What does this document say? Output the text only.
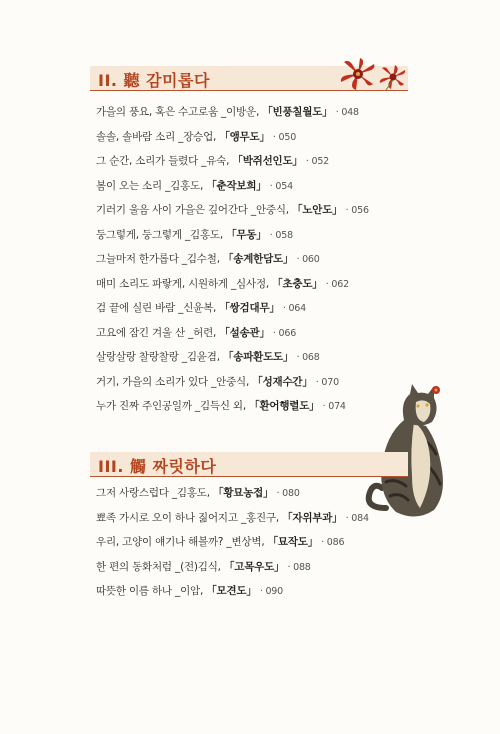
II. 聽 감미롭다
가을의 풍요, 혹은 수고로움 _이방운, 「빈풍칠월도」 · 048
솔솔, 솔바람 소리 _장승업, 「앵무도」 · 050
그 순간, 소리가 들렸다 _유숙, 「박쥐선인도」 · 052
봄이 오는 소리 _김홍도, 「춘작보희」 · 054
기러기 울음 사이 가을은 깊어간다 _안중식, 「노안도」 · 056
둥그렇게, 둥그렇게 _김홍도, 「무동」 · 058
그늘마저 한가롭다 _김수철, 「송계한담도」 · 060
매미 소리도 파랗게, 시원하게 _심사정, 「초충도」 · 062
검 끝에 실린 바람 _신윤복, 「쌍검대무」 · 064
고요에 잠긴 겨울 산 _허련, 「설송관」 · 066
살랑살랑 찰랑찰랑 _김윤겸, 「송파환도도」 · 068
거기, 가을의 소리가 있다 _안중식, 「성재수간」 · 070
누가 진짜 주인공일까 _김득신 외, 「환어행렬도」 · 074
III. 觸 짜릿하다
그저 사랑스럽다 _김홍도, 「황묘농접」 · 080
뾰족 가시로 오이 하나 짊어지고 _홍진구, 「자위부과」 · 084
우리, 고양이 얘기나 해볼까? _변상벽, 「묘작도」 · 086
한 편의 동화처럼 _(전)김식, 「고목우도」 · 088
따뜻한 이름 하나 _이암, 「모견도」 · 090
